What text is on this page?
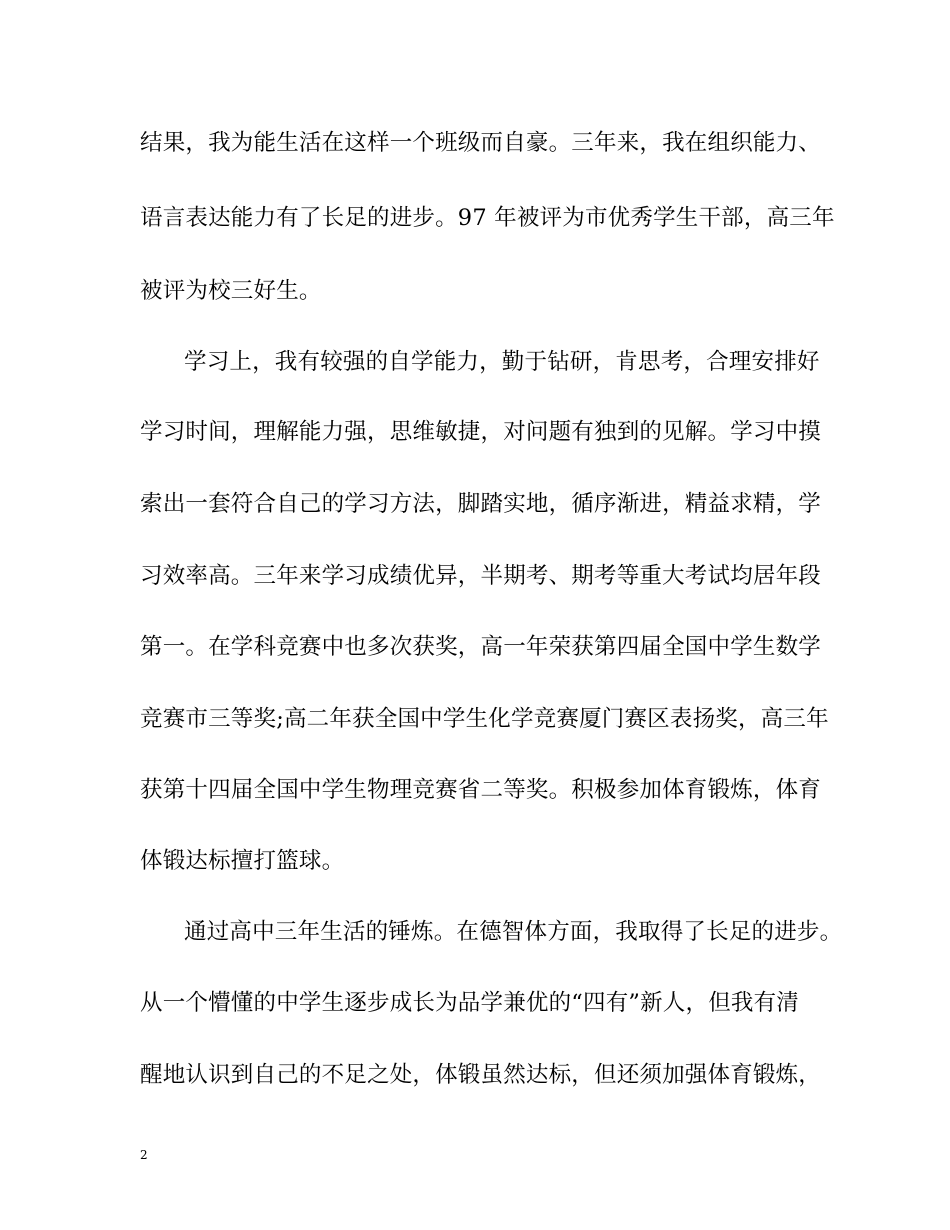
结果，我为能生活在这样一个班级而自豪。三年来，我在组织能力、
语言表达能力有了长足的进步。97 年被评为市优秀学生干部，高三年
被评为校三好生。
学习上，我有较强的自学能力，勤于钻研，肯思考，合理安排好
学习时间，理解能力强，思维敏捷，对问题有独到的见解。学习中摸
索出一套符合自己的学习方法，脚踏实地，循序渐进，精益求精，学
习效率高。三年来学习成绩优异，半期考、期考等重大考试均居年段
第一。在学科竞赛中也多次获奖，高一年荣获第四届全国中学生数学
竞赛市三等奖;高二年获全国中学生化学竞赛厦门赛区表扬奖，高三年
获第十四届全国中学生物理竞赛省二等奖。积极参加体育锻炼，体育
体锻达标擅打篮球。
通过高中三年生活的锤炼。在德智体方面，我取得了长足的进步。
从一个懵懂的中学生逐步成长为品学兼优的“四有”新人，但我有清
醒地认识到自己的不足之处，体锻虽然达标，但还须加强体育锻炼，
2
